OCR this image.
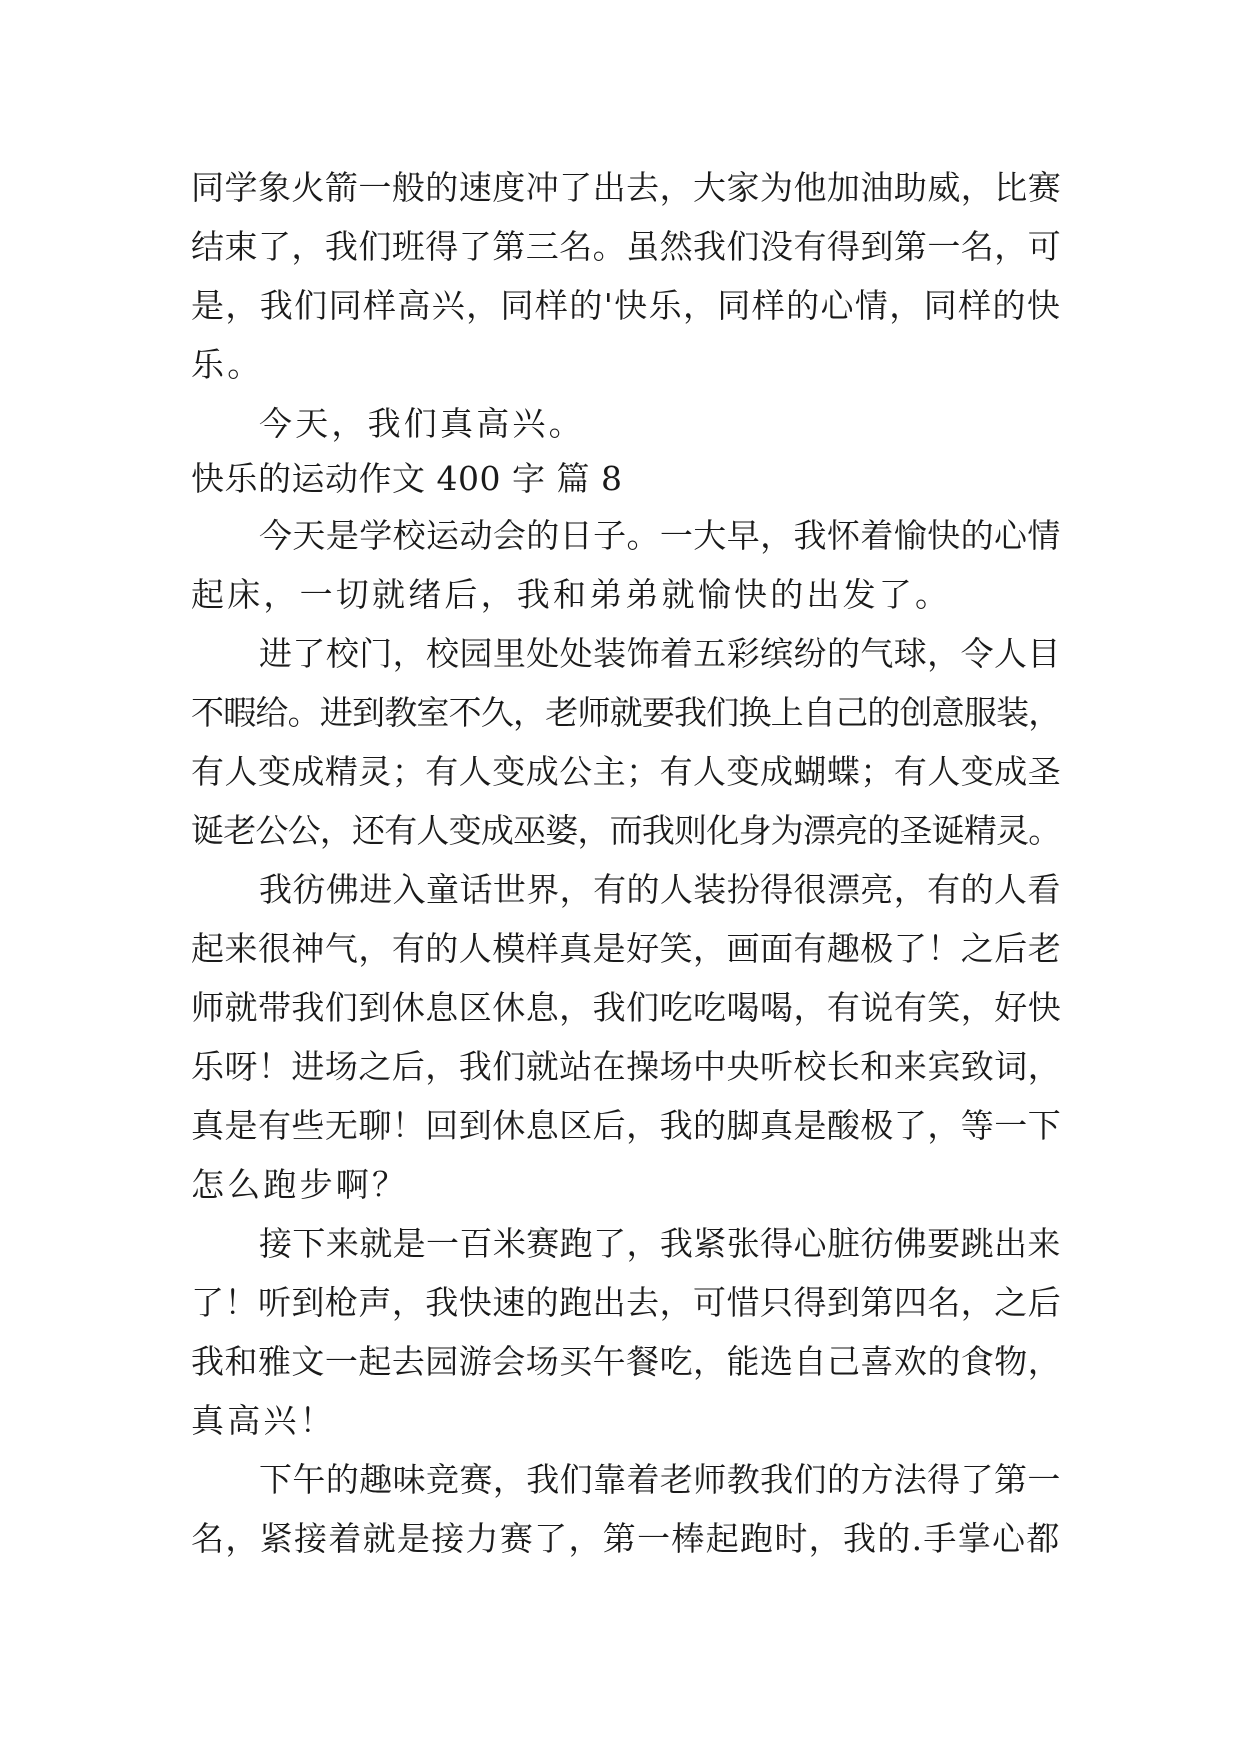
同学象火箭一般的速度冲了出去，大家为他加油助威，比赛
结束了，我们班得了第三名。虽然我们没有得到第一名，可
是，我们同样高兴，同样的'快乐，同样的心情，同样的快
乐。
今天，我们真高兴。
快乐的运动作文 400 字 篇 8
今天是学校运动会的日子。一大早，我怀着愉快的心情
起床，一切就绪后，我和弟弟就愉快的出发了。
进了校门，校园里处处装饰着五彩缤纷的气球，令人目
不暇给。进到教室不久，老师就要我们换上自己的创意服装，
有人变成精灵；有人变成公主；有人变成蝴蝶；有人变成圣
诞老公公，还有人变成巫婆，而我则化身为漂亮的圣诞精灵。
我彷佛进入童话世界，有的人装扮得很漂亮，有的人看
起来很神气，有的人模样真是好笑，画面有趣极了！之后老
师就带我们到休息区休息，我们吃吃喝喝，有说有笑，好快
乐呀！进场之后，我们就站在操场中央听校长和来宾致词，
真是有些无聊！回到休息区后，我的脚真是酸极了，等一下
怎么跑步啊？
接下来就是一百米赛跑了，我紧张得心脏彷佛要跳出来
了！听到枪声，我快速的跑出去，可惜只得到第四名，之后
我和雅文一起去园游会场买午餐吃，能选自己喜欢的食物，
真高兴！
下午的趣味竞赛，我们靠着老师教我们的方法得了第一
名，紧接着就是接力赛了，第一棒起跑时，我的.手掌心都
